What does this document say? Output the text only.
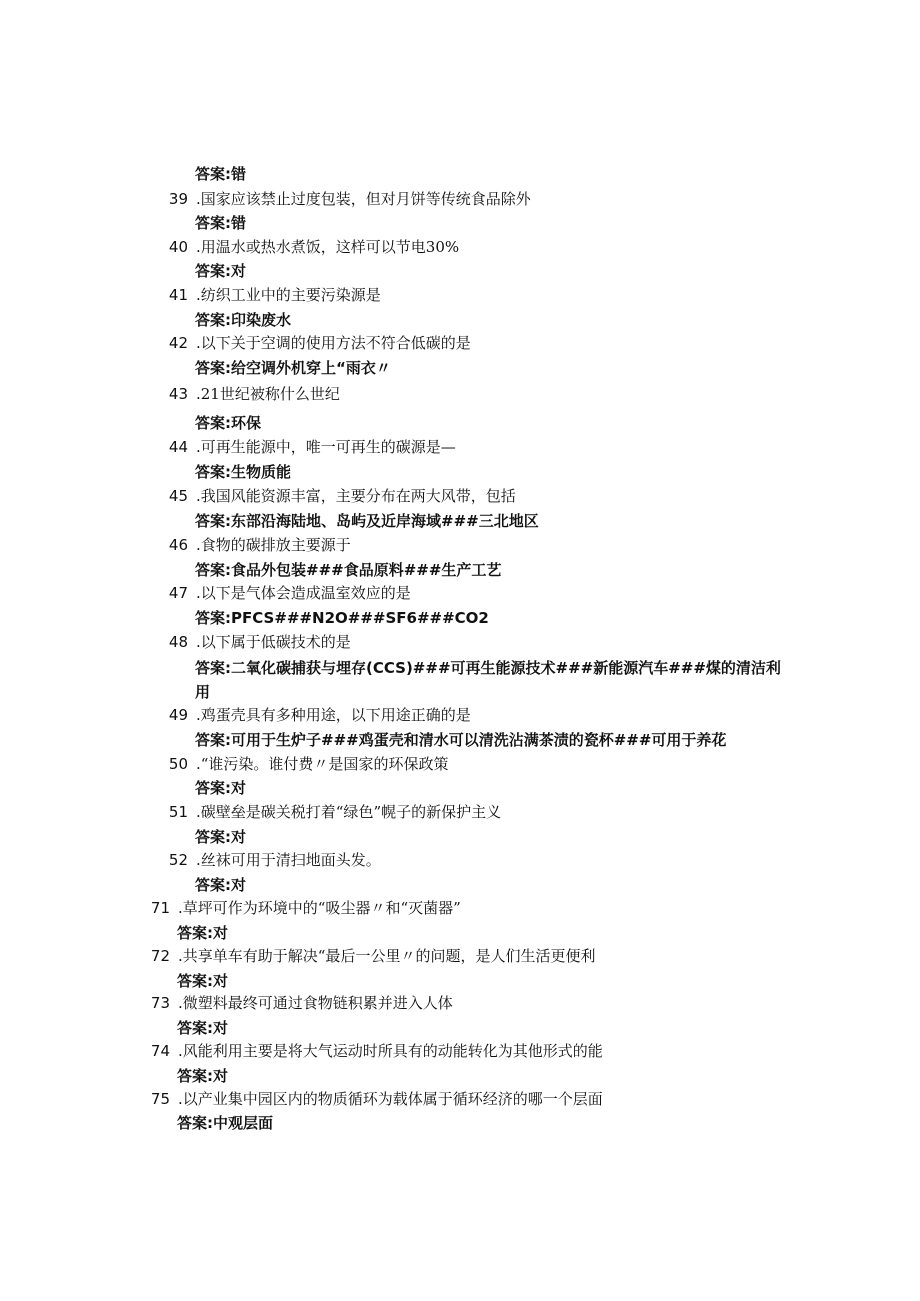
答案:错
39 .国家应该禁止过度包装，但对月饼等传统食品除外
答案:错
40 .用温水或热水煮饭，这样可以节电30%
答案:对
41 .纺织工业中的主要污染源是
答案:印染废水
42 .以下关于空调的使用方法不符合低碳的是
答案:给空调外机穿上“雨衣〃
43 .21世纪被称什么世纪
答案:环保
44 .可再生能源中，唯一可再生的碳源是—
答案:生物质能
45 .我国风能资源丰富，主要分布在两大风带，包括
答案:东部沿海陆地、岛屿及近岸海域###三北地区
46 .食物的碳排放主要源于
答案:食品外包装###食品原料###生产工艺
47 .以下是气体会造成温室效应的是
答案:PFCS###N2O###SF6###CO2
48 .以下属于低碳技术的是
答案:二氧化碳捕获与埋存(CCS)###可再生能源技术###新能源汽车###煤的清洁利用
49 .鸡蛋壳具有多种用途，以下用途正确的是
答案:可用于生炉子###鸡蛋壳和清水可以清洗沾满茶渍的瓷杯###可用于养花
50 .“谁污染。谁付费〃是国家的环保政策
答案:对
51 .碳壁垒是碳关税打着“绿色”幌子的新保护主义
答案:对
52 .丝袜可用于清扫地面头发。
答案:对
71 .草坪可作为环境中的“吸尘器〃和“灭菌器”
答案:对
72 .共享单车有助于解决“最后一公里〃的问题，是人们生活更便利
答案:对
73 .微塑料最终可通过食物链积累并进入人体
答案:对
74 .风能利用主要是将大气运动时所具有的动能转化为其他形式的能
答案:对
75 .以产业集中园区内的物质循环为载体属于循环经济的哪一个层面
答案:中观层面
